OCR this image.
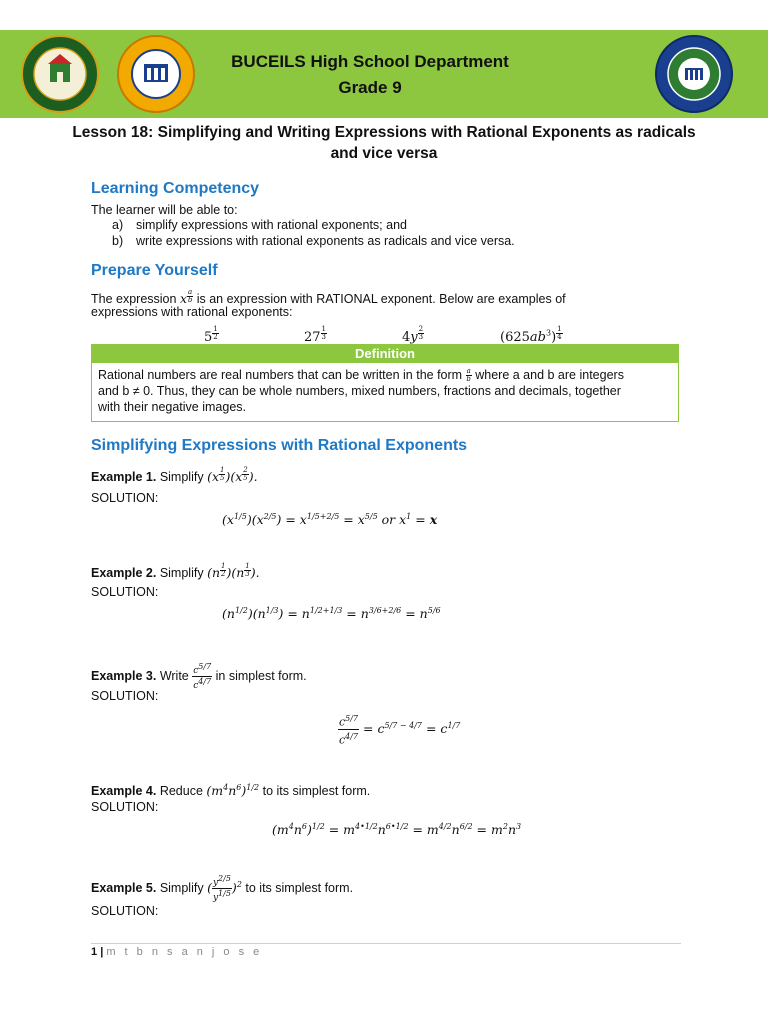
BUCEILS High School Department
Grade 9
Lesson 18: Simplifying and Writing Expressions with Rational Exponents as radicals and vice versa
Learning Competency
The learner will be able to:
a) simplify expressions with rational exponents; and
b) write expressions with rational exponents as radicals and vice versa.
Prepare Yourself
The expression x $^{\frac{a}{b}}$ is an expression with RATIONAL exponent. Below are examples of
expressions with rational exponents:
5 $^{\frac{1}{2}}$	27 $^{\frac{1}{3}}$	4y $^{\frac{2}{3}}$	$(625ab^3)$ $^{\frac{1}{4}}$
Definition
Rational numbers are real numbers that can be written in the form $\frac{a}{b}$ where a and b are integers
and b ≠ 0. Thus, they can be whole numbers, mixed numbers, fractions and decimals, together
with their negative images.
Simplifying Expressions with Rational Exponents
Example 1. Simplify (x $^{\frac{1}{5}}$ )(x $^{\frac{2}{5}}$ ).
SOLUTION:
$(x^{1/5})(x^{2/5}) = x^{1/5+2/5} = x^{5/5}$ or $x^1 = x$
Example 2. Simplify (n $^{\frac{1}{2}}$ )(n $^{\frac{1}{3}}$ ).
SOLUTION:
$(n^{1/2})(n^{1/3}) = n^{1/2+1/3} = n^{3/6+2/6} = n^{5/6}$
Example 3. Write $\frac{c^{5/7}}{c^{4/7}}$ in simplest form.
SOLUTION:
$\frac{c^{5/7}}{c^{4/7}} = c^{5/7 - 4/7} = c^{1/7}$
Example 4. Reduce $(m^4n^6)^{1/2}$ to its simplest form.
SOLUTION:
$(m^4n^6)^{1/2} = m^{4•1/2}n^{6•1/2} = m^{4/2}n^{6/2} = m^2n^3$
Example 5. Simplify ( $\frac{y^{2/5}}{y^{1/5}} )^2$ to its simplest form.
SOLUTION:
1 | m t b n s a n j o s e
